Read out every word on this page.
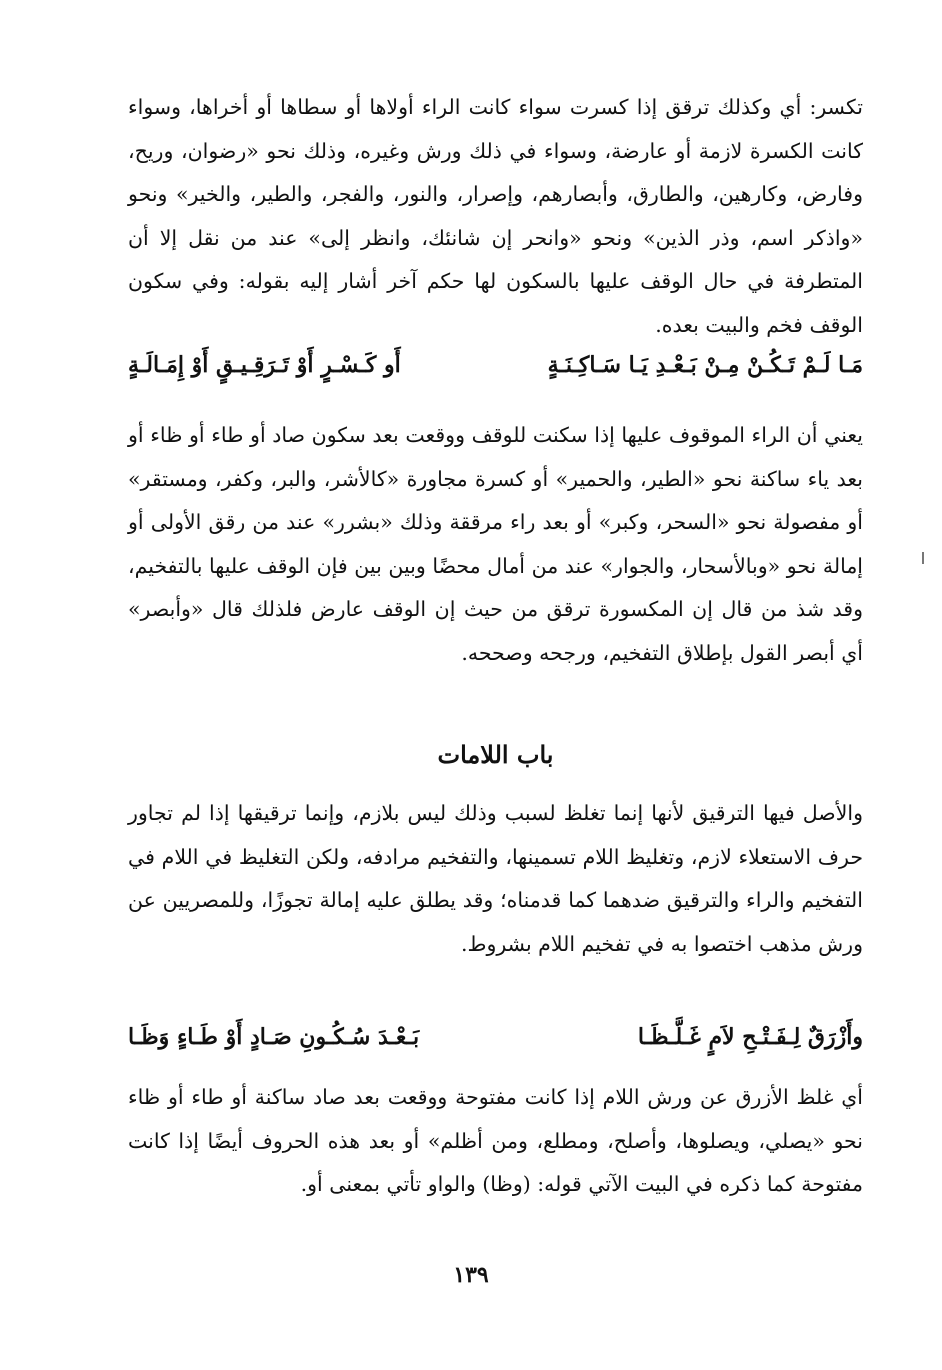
تكسر: أي وكذلك ترقق إذا كسرت سواء كانت الراء أولاها أو سطاها أو أخراها، وسواء كانت الكسرة لازمة أو عارضة، وسواء في ذلك ورش وغيره، وذلك نحو «رضوان، وريح، وفارض، وكارهين، والطارق، وأبصارهم، وإصرار، والنور، والفجر، والطير، والخير» ونحو «واذكر اسم، وذر الذين» ونحو «وانحر إن شانئك، وانظر إلى» عند من نقل إلا أن المتطرفة في حال الوقف عليها بالسكون لها حكم آخر أشار إليه بقوله: وفي سكون الوقف فخم والبيت بعده.

مَـا لَـمْ تَـكُـنْ مِـنْ بَـعْـدِ يَـا سَـاكِـنَـةٍ
أَو كَـسْـرٍ أَوْ تَـرَقِـيـقٍ أَوْ إِمَـالَـةٍ

يعني أن الراء الموقوف عليها إذا سكنت للوقف ووقعت بعد سكون صاد أو طاء أو ظاء أو بعد ياء ساكنة نحو «الطير، والحمير» أو كسرة مجاورة «كالأشر، والبر، وكفر، ومستقر» أو مفصولة نحو «السحر، وكبر» أو بعد راء مرققة وذلك «بشرر» عند من رقق الأولى أو إمالة نحو «وبالأسحار، والجوار» عند من أمال محضًا وبين بين فإن الوقف عليها بالتفخيم، وقد شذ من قال إن المكسورة ترقق من حيث إن الوقف عارض فلذلك قال «وأبصر» أي أبصر القول بإطلاق التفخيم، ورجحه وصححه.

باب اللامات

والأصل فيها الترقيق لأنها إنما تغلظ لسبب وذلك ليس بلازم، وإنما ترقيقها إذا لم تجاور حرف الاستعلاء لازم، وتغليظ اللام تسمينها، والتفخيم مرادفه، ولكن التغليظ في اللام في التفخيم والراء والترقيق ضدهما كما قدمناه؛ وقد يطلق عليه إمالة تجوزًا، وللمصريين عن ورش مذهب اختصوا به في تفخيم اللام بشروط.

وأَزْرَقٌ لِـفَـتْـحِ لاَمٍ غَـلَّـظَـا
بَـعْـدَ سُـكُـونِ صَـادٍ أَوْ طَـاءٍ وَظَـا

أي غلظ الأزرق عن ورش اللام إذا كانت مفتوحة ووقعت بعد صاد ساكنة أو طاء أو ظاء نحو «يصلي، ويصلوها، وأصلح، ومطلع، ومن أظلم» أو بعد هذه الحروف أيضًا إذا كانت مفتوحة كما ذكره في البيت الآتي قوله: (وظا) والواو تأتي بمعنى أو.

١٣٩
